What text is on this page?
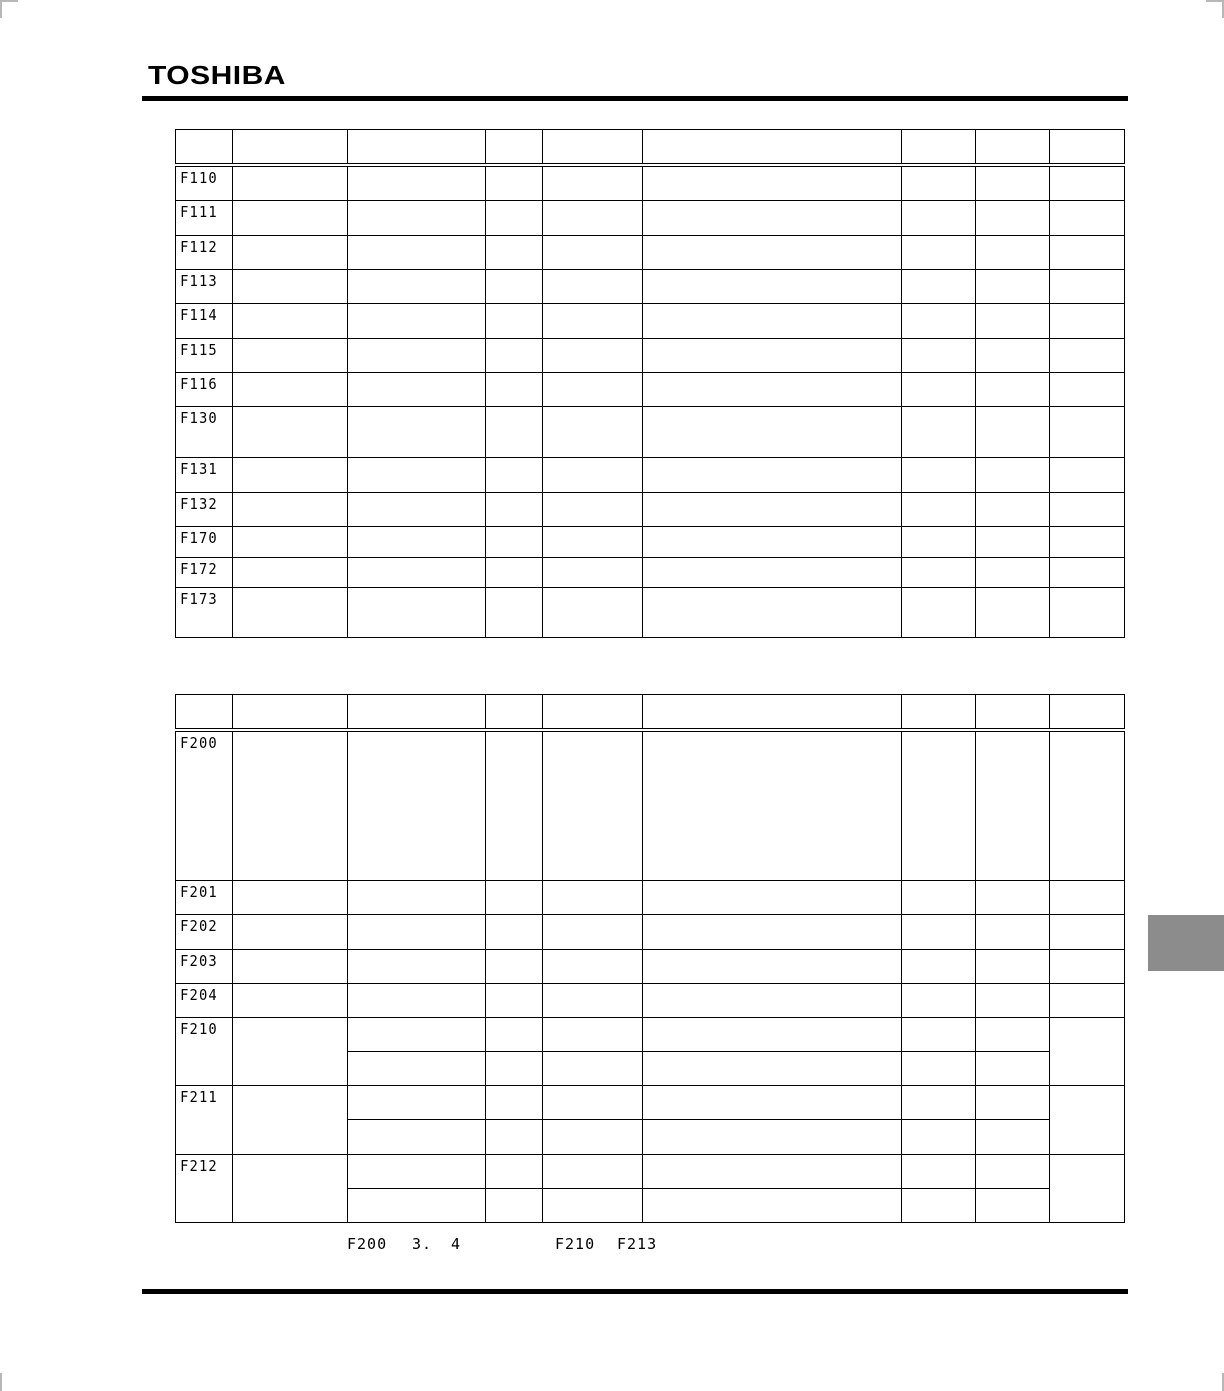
TOSHIBA

F110								
F111								
F112								
F113								
F114								
F115								
F116								
F130								
F131								
F132								
F170								
F172								
F173								

F200								
F201								
F202								
F203								
F204								
F210								

F211								

F212								

F200 3. 4	F210 F213
